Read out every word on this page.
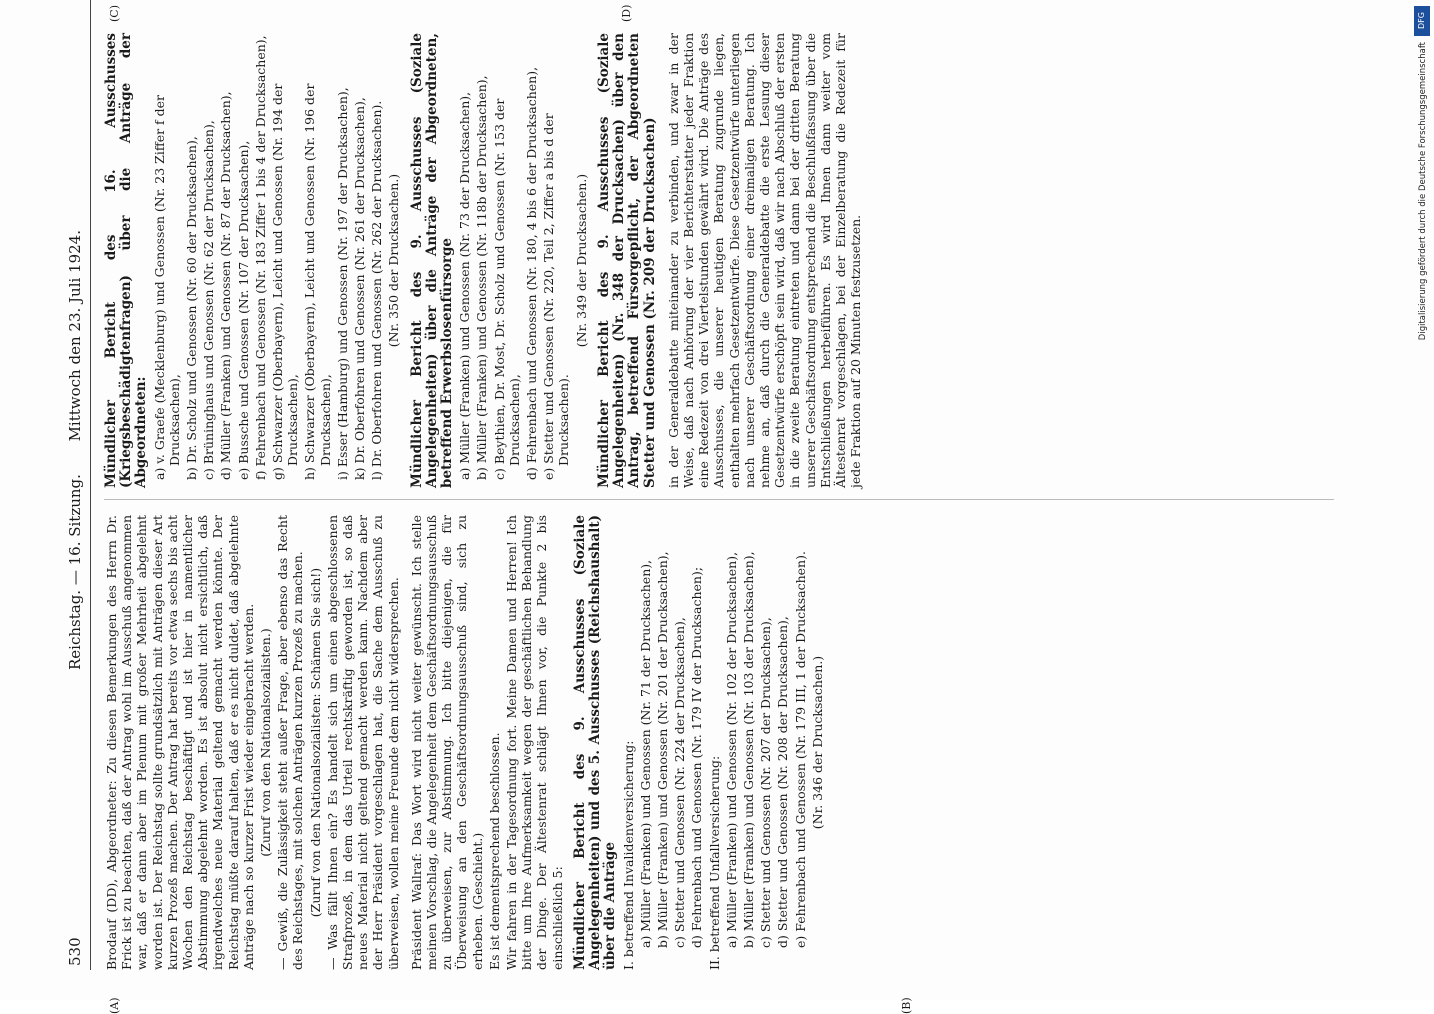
530
Reichstag. — 16. Sitzung.
Mittwoch den 23. Juli 1924.
(A)	(B)
(C)	(D)

Brodauf (DD), Abgeordneter: Zu diesen Bemerkungen des Herrn Dr. Frick ist zu beachten, daß der Antrag wohl im Ausschuß angenommen war, daß er dann aber im Plenum mit großer Mehrheit abgelehnt worden ist. Der Reichstag sollte grundsätzlich mit Anträgen dieser Art kurzen Prozeß machen. Der Antrag hat bereits vor etwa sechs bis acht Wochen den Reichstag beschäftigt und ist hier in namentlicher Abstimmung abgelehnt worden. Es ist absolut nicht ersichtlich, daß irgendwelches neue Material geltend gemacht werden könnte. Der Reichstag müßte darauf halten, daß er es nicht duldet, daß abgelehnte Anträge nach so kurzer Frist wieder eingebracht werden. (Zuruf von den Nationalsozialisten.) — Gewiß, die Zulässigkeit steht außer Frage, aber ebenso das Recht des Reichstages, mit solchen Anträgen kurzen Prozeß zu machen. (Zuruf von den Nationalsozialisten: Schämen Sie sich!) — Was fällt Ihnen ein? Es handelt sich um einen abgeschlossenen Strafprozeß, in dem das Urteil rechtskräftig geworden ist, so daß neues Material nicht geltend gemacht werden kann. Nachdem aber der Herr Präsident vorgeschlagen hat, die Sache dem Ausschuß zu überweisen, wollen meine Freunde dem nicht widersprechen. Präsident Wallraf: Das Wort wird nicht weiter gewünscht. Ich stelle meinen Vorschlag, die Angelegenheit dem Geschäftsordnungsausschuß zu überweisen, zur Abstimmung. Ich bitte diejenigen, die für Überweisung an den Geschäftsordnungsausschuß sind, sich zu erheben. (Geschieht.) Es ist dementsprechend beschlossen. Wir fahren in der Tagesordnung fort. Meine Damen und Herren! Ich bitte um Ihre Aufmerksamkeit wegen der geschäftlichen Behandlung der Dinge. Der Ältestenrat schlägt Ihnen vor, die Punkte 2 bis einschließlich 5: Mündlicher Bericht des 9. Ausschusses (Soziale Angelegenheiten) und des 5. Ausschusses (Reichshaushalt) über die Anträge I. betreffend Invalidenversicherung: a) Müller (Franken) und Genossen (Nr. 71 der Drucksachen), b) Müller (Franken) und Genossen (Nr. 201 der Drucksachen), c) Stetter und Genossen (Nr. 224 der Drucksachen), d) Fehrenbach und Genossen (Nr. 179 IV der Drucksachen); II. betreffend Unfallversicherung: a) Müller (Franken) und Genossen (Nr. 102 der Drucksachen), b) Müller (Franken) und Genossen (Nr. 103 der Drucksachen), c) Stetter und Genossen (Nr. 207 der Drucksachen), d) Stetter und Genossen (Nr. 208 der Drucksachen), e) Fehrenbach und Genossen (Nr. 179 III, 1 der Drucksachen). (Nr. 346 der Drucksachen.)

Mündlicher Bericht des 16. Ausschusses (Kriegsbeschädigtenfragen) über die Anträge der Abgeordneten: a) v. Graefe (Mecklenburg) und Genossen (Nr. 23 Ziffer f der Drucksachen), b) Dr. Scholz und Genossen (Nr. 60 der Drucksachen), c) Brüninghaus und Genossen (Nr. 62 der Drucksachen), d) Müller (Franken) und Genossen (Nr. 87 der Drucksachen), e) Bussche und Genossen (Nr. 107 der Drucksachen), f) Fehrenbach und Genossen (Nr. 183 Ziffer 1 bis 4 der Drucksachen), g) Schwarzer (Oberbayern), Leicht und Genossen (Nr. 194 der Drucksachen), h) Schwarzer (Oberbayern), Leicht und Genossen (Nr. 196 der Drucksachen), i) Esser (Hamburg) und Genossen (Nr. 197 der Drucksachen), k) Dr. Oberfohren und Genossen (Nr. 261 der Drucksachen), l) Dr. Oberfohren und Genossen (Nr. 262 der Drucksachen). (Nr. 350 der Drucksachen.) Mündlicher Bericht des 9. Ausschusses (Soziale Angelegenheiten) über die Anträge der Abgeordneten, betreffend Erwerbslosenfürsorge a) Müller (Franken) und Genossen (Nr. 73 der Drucksachen), b) Müller (Franken) und Genossen (Nr. 118b der Drucksachen), c) Beythien, Dr. Most, Dr. Scholz und Genossen (Nr. 153 der Drucksachen), d) Fehrenbach und Genossen (Nr. 180, 4 bis 6 der Drucksachen), e) Stetter und Genossen (Nr. 220, Teil 2, Ziffer a bis d der Drucksachen).

(Nr. 349 der Drucksachen.) Mündlicher Bericht des 9. Ausschusses (Soziale Angelegenheiten) (Nr. 348 der Drucksachen) über den Antrag, betreffend Fürsorgepflicht, der Abgeordneten Stetter und Genossen (Nr. 209 der Drucksachen) in der Generaldebatte miteinander zu verbinden, und zwar in der Weise, daß nach Anhörung der vier Berichterstatter jeder Fraktion eine Redezeit von drei Viertelstunden gewährt wird. Die Anträge des Ausschusses, die unserer heutigen Beratung zugrunde liegen, enthalten mehrfach Gesetzentwürfe. Diese Gesetzentwürfe unterliegen nach unserer Geschäftsordnung einer dreimaligen Beratung. Ich nehme an, daß durch die Generaldebatte die erste Lesung dieser Gesetzentwürfe erschöpft sein wird, daß wir nach Abschluß der ersten in die zweite Beratung eintreten und dann bei der dritten Beratung unserer Geschäftsordnung entsprechend die Beschlußfassung über die Entschließungen herbeiführen. Es wird Ihnen dann weiter vom Ältestenrat vorgeschlagen, bei der Einzelberatung die Redezeit für jede Fraktion auf 20 Minuten festzusetzen.

DFG
Digitalisierung gefördert durch die Deutsche Forschungsgemeinschaft
